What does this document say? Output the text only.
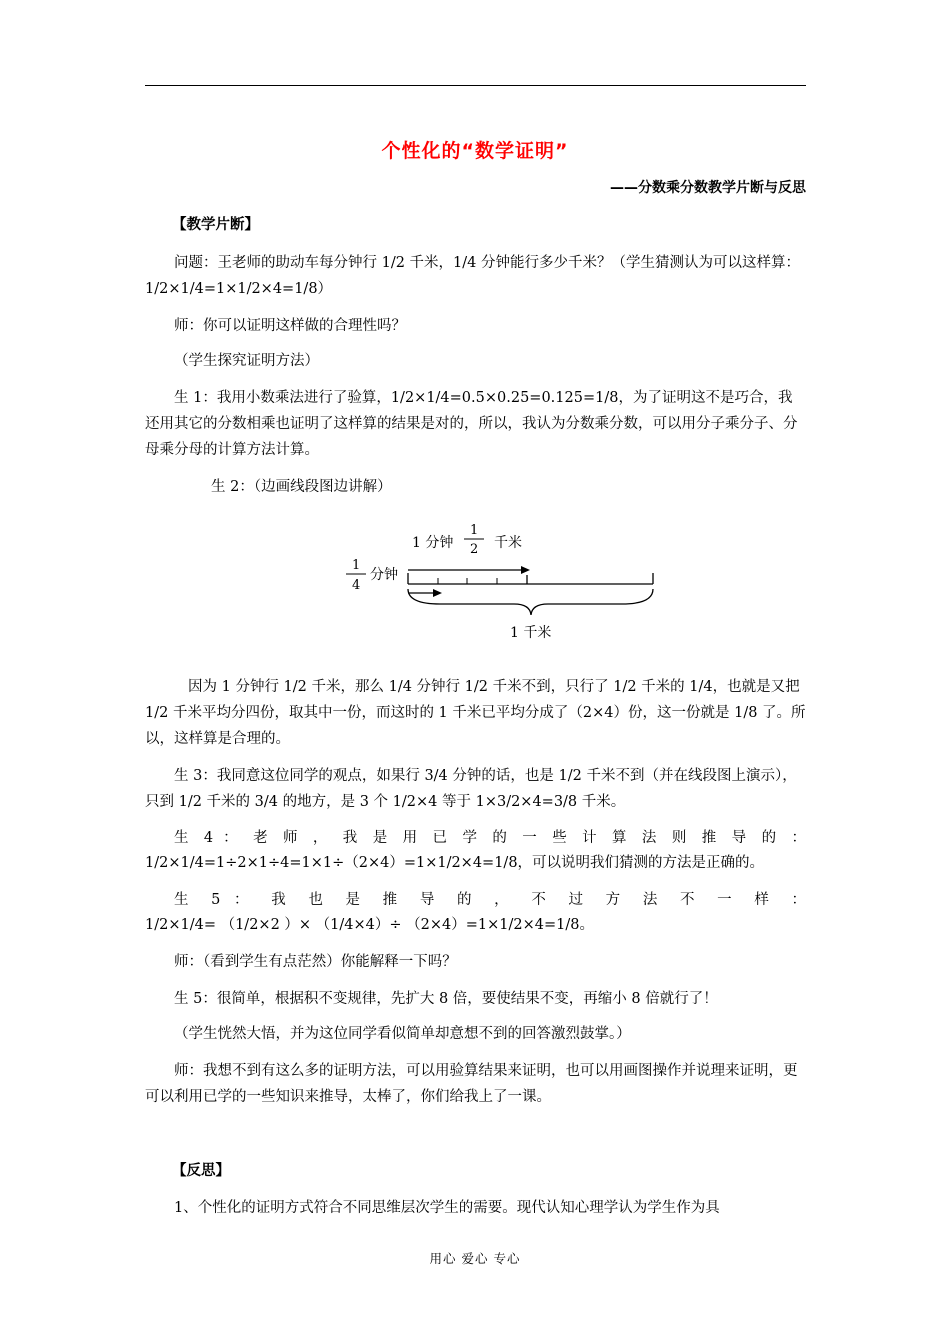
个性化的“数学证明”
——分数乘分数教学片断与反思
【教学片断】

问题：王老师的助动车每分钟行 1/2 千米，1/4 分钟能行多少千米？（学生猜测认为可以这样算：1/2×1/4=1×1/2×4=1/8）

师：你可以证明这样做的合理性吗？

（学生探究证明方法）

生 1：我用小数乘法进行了验算，1/2×1/4=0.5×0.25=0.125=1/8，为了证明这不是巧合，我还用其它的分数相乘也证明了这样算的结果是对的，所以，我认为分数乘分数，可以用分子乘分子、分母乘分母的计算方法计算。

生 2：（边画线段图边讲解）

1 分钟
1
2 千米
1
4
分钟
1 千米

因为 1 分钟行 1/2 千米，那么 1/4 分钟行 1/2 千米不到，只行了 1/2 千米的 1/4，也就是又把 1/2 千米平均分四份，取其中一份，而这时的 1 千米已平均分成了（2×4）份，这一份就是 1/8 了。所以，这样算是合理的。

生 3：我同意这位同学的观点，如果行 3/4 分钟的话，也是 1/2 千米不到（并在线段图上演示），只到 1/2 千米的 3/4 的地方，是 3 个 1/2×4 等于 1×3/2×4=3/8 千米。

生 4 ： 老 师 ， 我 是 用 已 学 的 一 些 计 算 法 则 推 导 的 ：
1/2×1/4=1÷2×1÷4=1×1÷（2×4）=1×1/2×4=1/8，可以说明我们猜测的方法是正确的。
生 5 ： 我 也 是 推 导 的 ， 不 过 方 法 不 一 样 ：
1/2×1/4= （1/2×2 ）× （1/4×4）÷ （2×4）=1×1/2×4=1/8。

师：（看到学生有点茫然）你能解释一下吗？

生 5：很简单，根据积不变规律，先扩大 8 倍，要使结果不变，再缩小 8 倍就行了！

（学生恍然大悟，并为这位同学看似简单却意想不到的回答激烈鼓掌。）

师：我想不到有这么多的证明方法，可以用验算结果来证明，也可以用画图操作并说理来证明，更可以利用已学的一些知识来推导，太棒了，你们给我上了一课。

【反思】

1、个性化的证明方式符合不同思维层次学生的需要。现代认知心理学认为学生作为具

用心 爱心 专心
